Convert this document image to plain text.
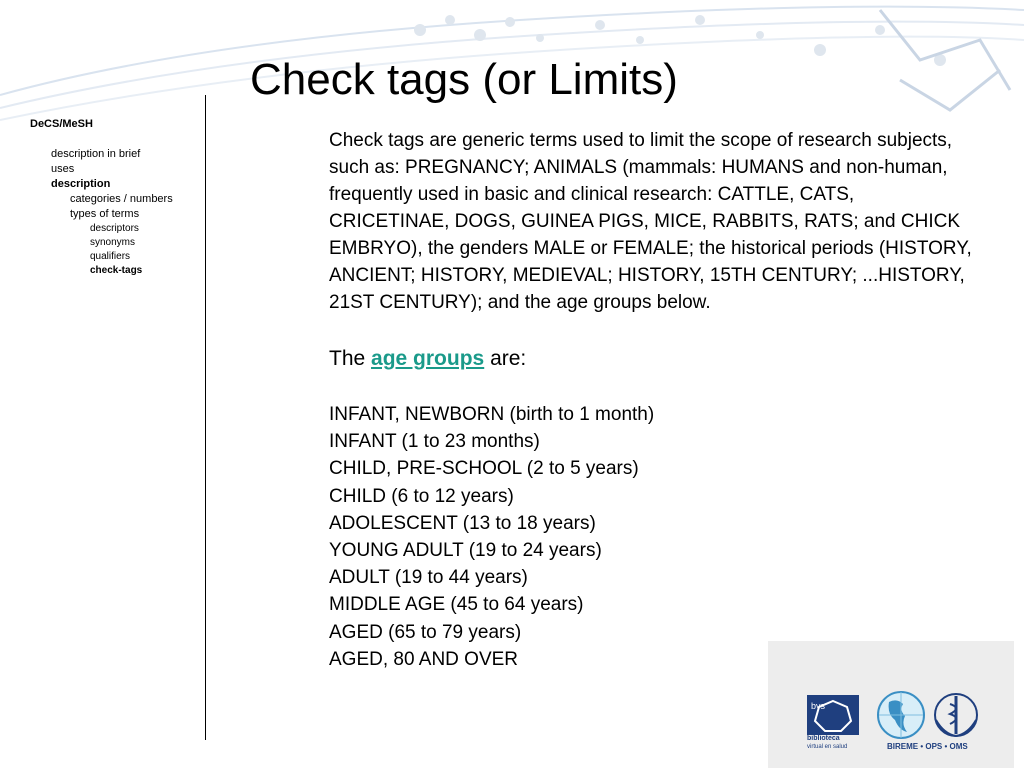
Check tags (or Limits)
DeCS/MeSH
description in brief
uses
description
categories / numbers
types of terms
descriptors
synonyms
qualifiers
check-tags

Check tags are generic terms used to limit the scope of research subjects, such as: PREGNANCY; ANIMALS (mammals: HUMANS and non-human, frequently used in basic and clinical research: CATTLE, CATS, CRICETINAE, DOGS, GUINEA PIGS, MICE, RABBITS, RATS; and CHICK EMBRYO), the genders MALE or FEMALE; the historical periods (HISTORY, ANCIENT; HISTORY, MEDIEVAL; HISTORY, 15TH CENTURY; ...HISTORY, 21ST CENTURY); and the age groups below.

The age groups are:

INFANT, NEWBORN (birth to 1 month)
INFANT (1 to 23 months)
CHILD, PRE-SCHOOL (2 to 5 years)
CHILD (6 to 12 years)
ADOLESCENT (13 to 18 years)
YOUNG ADULT (19 to 24 years)
ADULT (19 to 44 years)
MIDDLE AGE (45 to 64 years)
AGED (65 to 79 years)
AGED, 80 AND OVER
bvs
biblioteca
virtual en salud	BIREME • OPS • OMS
